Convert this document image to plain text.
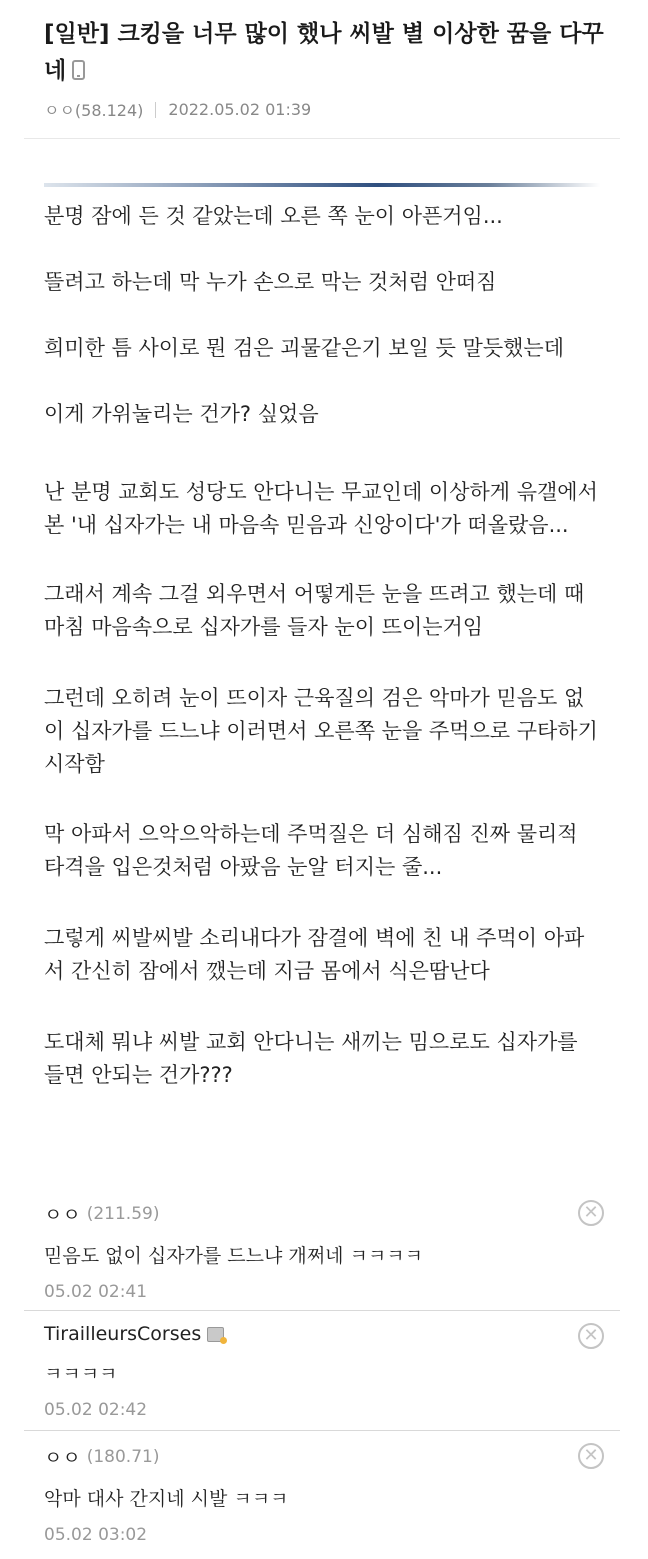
[일반] 크킹을 너무 많이 했나 씨발 별 이상한 꿈을 다꾸네
ㅇㅇ(58.124) 2022.05.02 01:39

분명 잠에 든 것 같았는데 오른 쪽 눈이 아픈거임...

뜰려고 하는데 막 누가 손으로 막는 것처럼 안떠짐

희미한 틈 사이로 뭔 검은 괴물같은기 보일 듯 말듯했는데

이게 가위눌리는 건가? 싶었음

난 분명 교회도 성당도 안다니는 무교인데 이상하게 윾갤에서 본 '내 십자가는 내 마음속 믿음과 신앙이다'가 떠올랐음...

그래서 계속 그걸 외우면서 어떻게든 눈을 뜨려고 했는데 때마침 마음속으로 십자가를 들자 눈이 뜨이는거임

그런데 오히려 눈이 뜨이자 근육질의 검은 악마가 믿음도 없이 십자가를 드느냐 이러면서 오른쪽 눈을 주먹으로 구타하기 시작함

막 아파서 으악으악하는데 주먹질은 더 심해짐 진짜 물리적 타격을 입은것처럼 아팠음 눈알 터지는 줄...

그렇게 씨발씨발 소리내다가 잠결에 벽에 친 내 주먹이 아파서 간신히 잠에서 깼는데 지금 몸에서 식은땀난다

도대체 뭐냐 씨발 교회 안다니는 새끼는 밈으로도 십자가를 들면 안되는 건가???

ㅇㅇ (211.59)
믿음도 없이 십자가를 드느냐 개쩌네 ㅋㅋㅋㅋ
05.02 02:41
✕
TirailleursCorses
ㅋㅋㅋㅋ
05.02 02:42
✕
ㅇㅇ (180.71)
악마 대사 간지네 시발 ㅋㅋㅋ
05.02 03:02
✕
